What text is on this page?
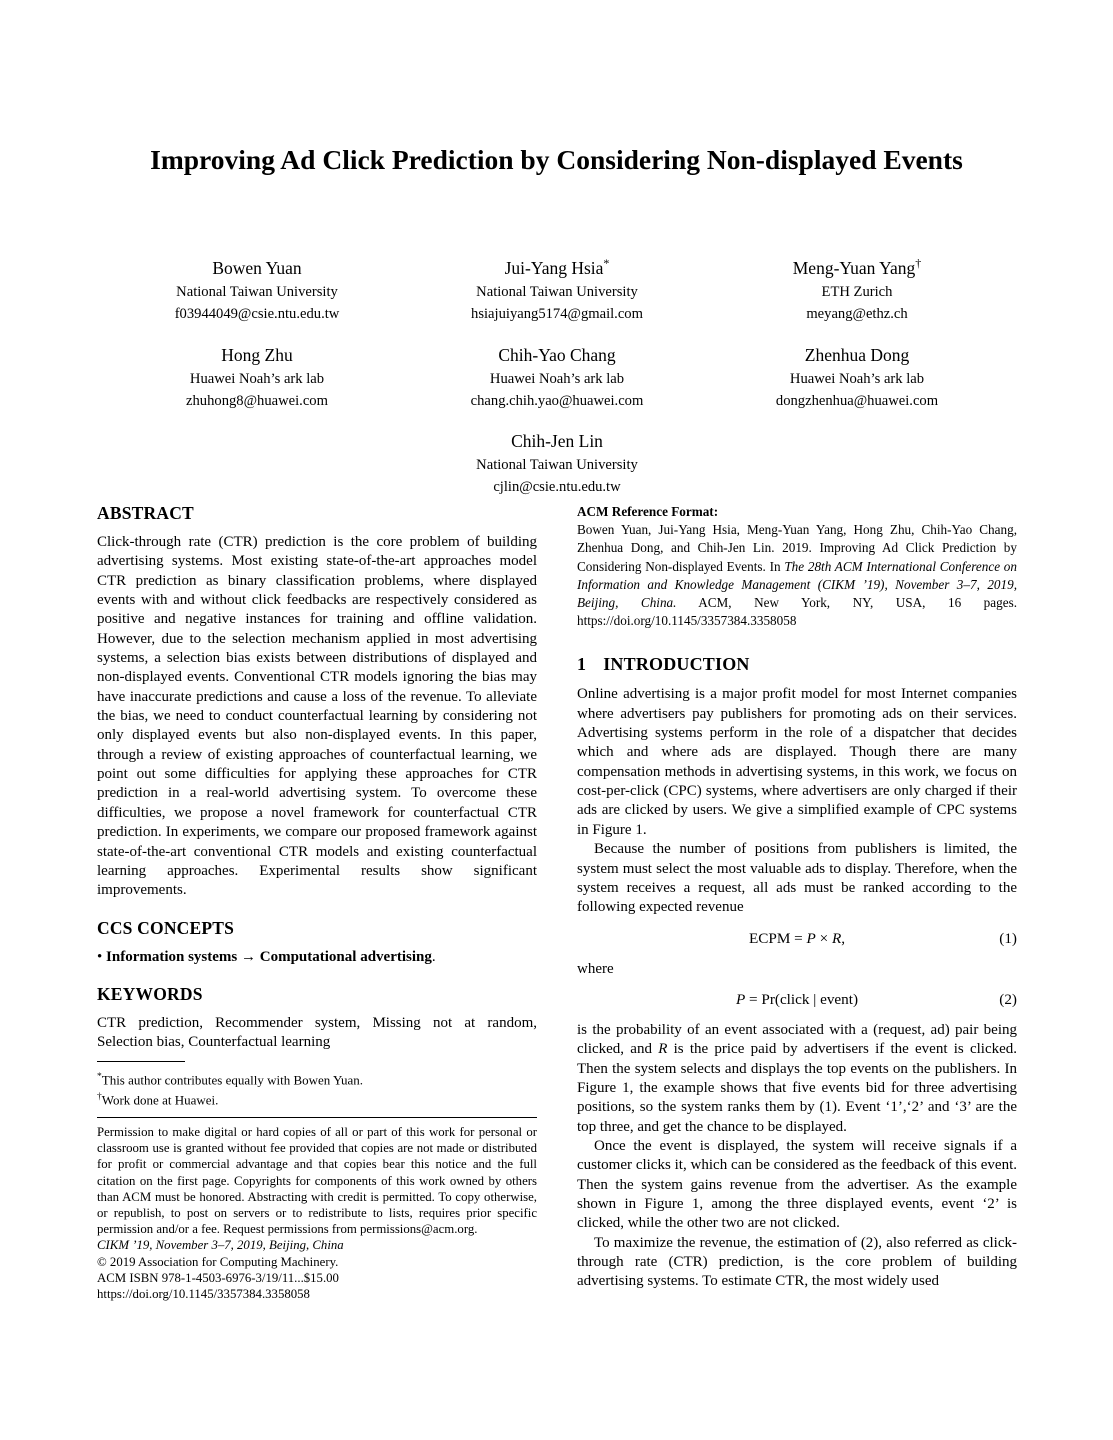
Improving Ad Click Prediction by Considering Non-displayed Events
Bowen Yuan
National Taiwan University
f03944049@csie.ntu.edu.tw
Jui-Yang Hsia*
National Taiwan University
hsiajuiyang5174@gmail.com
Meng-Yuan Yang†
ETH Zurich
meyang@ethz.ch
Hong Zhu
Huawei Noah’s ark lab
zhuhong8@huawei.com
Chih-Yao Chang
Huawei Noah’s ark lab
chang.chih.yao@huawei.com
Zhenhua Dong
Huawei Noah’s ark lab
dongzhenhua@huawei.com
Chih-Jen Lin
National Taiwan University
cjlin@csie.ntu.edu.tw
ABSTRACT

Click-through rate (CTR) prediction is the core problem of building advertising systems. Most existing state-of-the-art approaches model CTR prediction as binary classification problems, where displayed events with and without click feedbacks are respectively considered as positive and negative instances for training and offline validation. However, due to the selection mechanism applied in most advertising systems, a selection bias exists between distributions of displayed and non-displayed events. Conventional CTR models ignoring the bias may have inaccurate predictions and cause a loss of the revenue. To alleviate the bias, we need to conduct counterfactual learning by considering not only displayed events but also non-displayed events. In this paper, through a review of existing approaches of counterfactual learning, we point out some difficulties for applying these approaches for CTR prediction in a real-world advertising system. To overcome these difficulties, we propose a novel framework for counterfactual CTR prediction. In experiments, we compare our proposed framework against state-of-the-art conventional CTR models and existing counterfactual learning approaches. Experimental results show significant improvements.

CCS CONCEPTS

• Information systems → Computational advertising.

KEYWORDS

CTR prediction, Recommender system, Missing not at random, Selection bias, Counterfactual learning

*This author contributes equally with Bowen Yuan.

†Work done at Huawei.

Permission to make digital or hard copies of all or part of this work for personal or classroom use is granted without fee provided that copies are not made or distributed for profit or commercial advantage and that copies bear this notice and the full citation on the first page. Copyrights for components of this work owned by others than ACM must be honored. Abstracting with credit is permitted. To copy otherwise, or republish, to post on servers or to redistribute to lists, requires prior specific permission and/or a fee. Request permissions from permissions@acm.org.

CIKM ’19, November 3–7, 2019, Beijing, China

© 2019 Association for Computing Machinery.

ACM ISBN 978-1-4503-6976-3/19/11...$15.00

https://doi.org/10.1145/3357384.3358058

ACM Reference Format:

Bowen Yuan, Jui-Yang Hsia, Meng-Yuan Yang, Hong Zhu, Chih-Yao Chang, Zhenhua Dong, and Chih-Jen Lin. 2019. Improving Ad Click Prediction by Considering Non-displayed Events. In The 28th ACM International Conference on Information and Knowledge Management (CIKM ’19), November 3–7, 2019, Beijing, China. ACM, New York, NY, USA, 16 pages. https://doi.org/10.1145/3357384.3358058

1 INTRODUCTION

Online advertising is a major profit model for most Internet companies where advertisers pay publishers for promoting ads on their services. Advertising systems perform in the role of a dispatcher that decides which and where ads are displayed. Though there are many compensation methods in advertising systems, in this work, we focus on cost-per-click (CPC) systems, where advertisers are only charged if their ads are clicked by users. We give a simplified example of CPC systems in Figure 1.

Because the number of positions from publishers is limited, the system must select the most valuable ads to display. Therefore, when the system receives a request, all ads must be ranked according to the following expected revenue

ECPM = P × R,	(1)

where

P = Pr(click | event)	(2)

is the probability of an event associated with a (request, ad) pair being clicked, and R is the price paid by advertisers if the event is clicked. Then the system selects and displays the top events on the publishers. In Figure 1, the example shows that five events bid for three advertising positions, so the system ranks them by (1). Event ‘1’,‘2’ and ‘3’ are the top three, and get the chance to be displayed.

Once the event is displayed, the system will receive signals if a customer clicks it, which can be considered as the feedback of this event. Then the system gains revenue from the advertiser. As the example shown in Figure 1, among the three displayed events, event ‘2’ is clicked, while the other two are not clicked.

To maximize the revenue, the estimation of (2), also referred as click-through rate (CTR) prediction, is the core problem of building advertising systems. To estimate CTR, the most widely used
